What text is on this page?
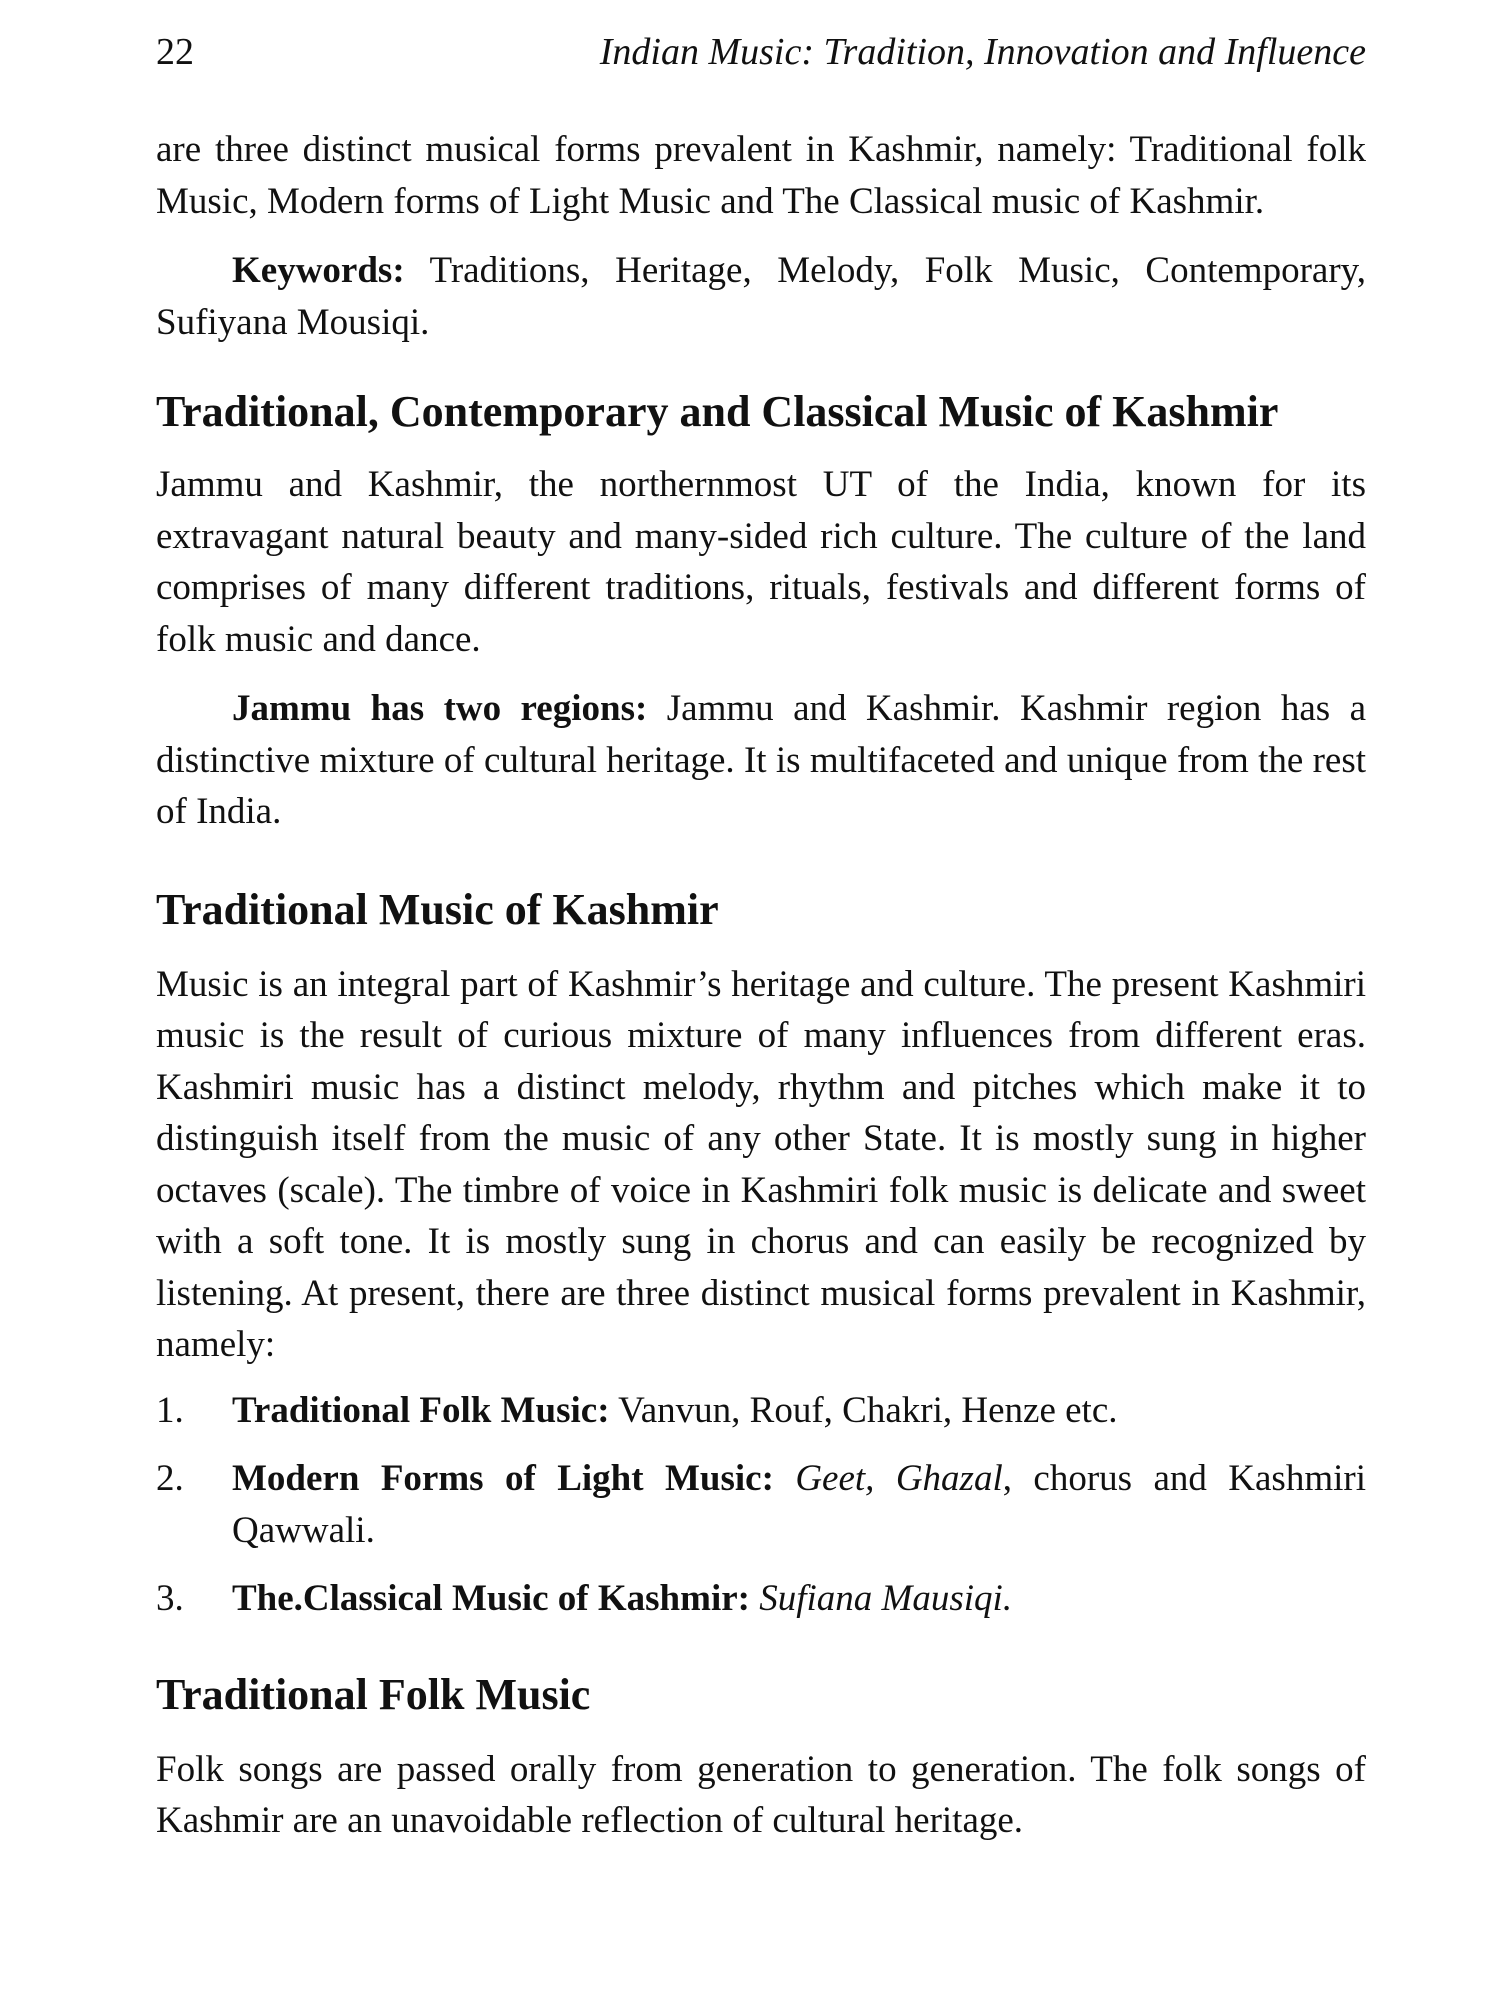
22	Indian Music: Tradition, Innovation and Influence

are three distinct musical forms prevalent in Kashmir, namely: Traditional folk Music, Modern forms of Light Music and The Classical music of Kashmir.

Keywords: Traditions, Heritage, Melody, Folk Music, Contemporary, Sufiyana Mousiqi.

Traditional, Contemporary and Classical Music of Kashmir

Jammu and Kashmir, the northernmost UT of the India, known for its extravagant natural beauty and many-sided rich culture. The culture of the land comprises of many different traditions, rituals, festivals and different forms of folk music and dance.

Jammu has two regions: Jammu and Kashmir. Kashmir region has a distinctive mixture of cultural heritage. It is multifaceted and unique from the rest of India.

Traditional Music of Kashmir

Music is an integral part of Kashmir’s heritage and culture. The present Kashmiri music is the result of curious mixture of many influences from different eras. Kashmiri music has a distinct melody, rhythm and pitches which make it to distinguish itself from the music of any other State. It is mostly sung in higher octaves (scale). The timbre of voice in Kashmiri folk music is delicate and sweet with a soft tone. It is mostly sung in chorus and can easily be recognized by listening. At present, there are three distinct musical forms prevalent in Kashmir, namely:

1. Traditional Folk Music: Vanvun, Rouf, Chakri, Henze etc.
2. Modern Forms of Light Music: Geet, Ghazal, chorus and Kashmiri Qawwali.
3. The.Classical Music of Kashmir: Sufiana Mausiqi.
Traditional Folk Music

Folk songs are passed orally from generation to generation. The folk songs of Kashmir are an unavoidable reflection of cultural heritage.
